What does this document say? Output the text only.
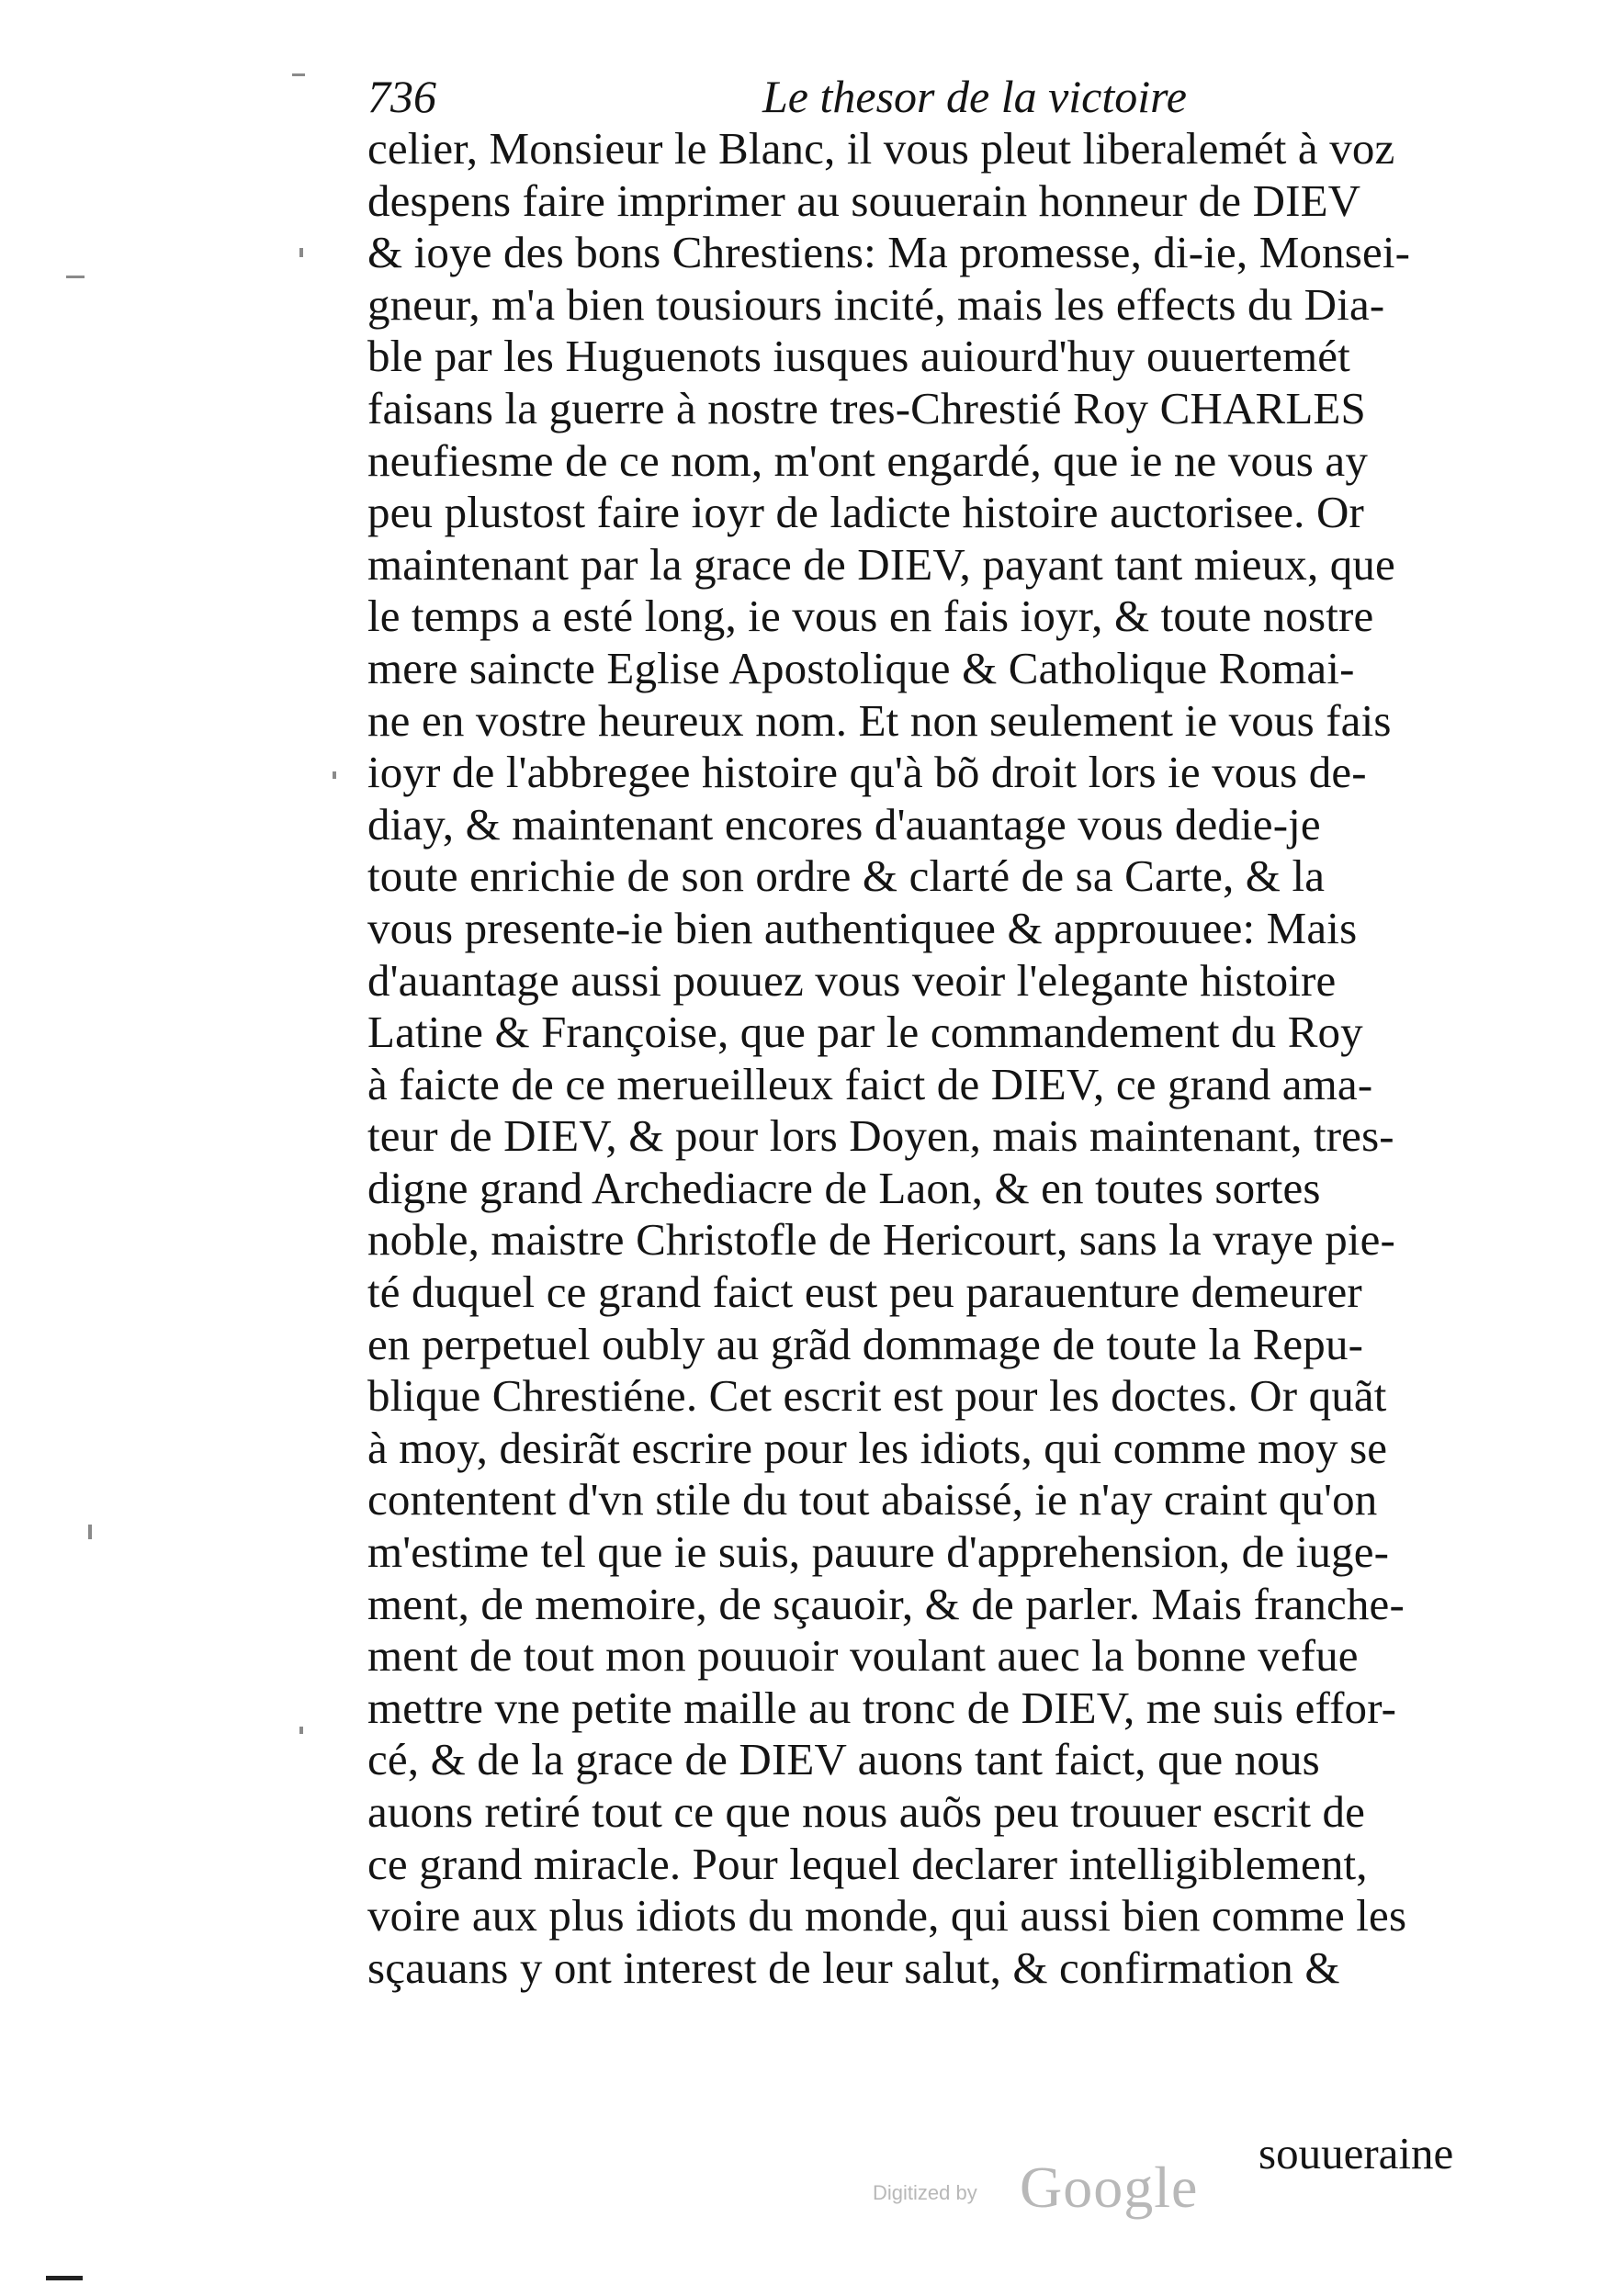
736	Le thesor de la victoire
celier, Monsieur le Blanc, il vous pleut liberalemét à voz
despens faire imprimer au souuerain honneur de DIEV
& ioye des bons Chrestiens: Ma promesse, di-ie, Monsei-
gneur, m'a bien tousiours incité, mais les effects du Dia-
ble par les Huguenots iusques auiourd'huy ouuertemét
faisans la guerre à nostre tres-Chrestié Roy CHARLES
neufiesme de ce nom, m'ont engardé, que ie ne vous ay
peu plustost faire ioyr de ladicte histoire auctorisee. Or
maintenant par la grace de DIEV, payant tant mieux, que
le temps a esté long, ie vous en fais ioyr, & toute nostre
mere saincte Eglise Apostolique & Catholique Romai-
ne en vostre heureux nom. Et non seulement ie vous fais
ioyr de l'abbregee histoire qu'à bõ droit lors ie vous de-
diay, & maintenant encores d'auantage vous dedie-je
toute enrichie de son ordre & clarté de sa Carte, & la
vous presente-ie bien authentiquee & approuuee: Mais
d'auantage aussi pouuez vous veoir l'elegante histoire
Latine & Françoise, que par le commandement du Roy
à faicte de ce merueilleux faict de DIEV, ce grand ama-
teur de DIEV, & pour lors Doyen, mais maintenant, tres-
digne grand Archediacre de Laon, & en toutes sortes
noble, maistre Christofle de Hericourt, sans la vraye pie-
té duquel ce grand faict eust peu parauenture demeurer
en perpetuel oubly au grãd dommage de toute la Repu-
blique Chrestiéne. Cet escrit est pour les doctes. Or quãt
à moy, desirãt escrire pour les idiots, qui comme moy se
contentent d'vn stile du tout abaissé, ie n'ay craint qu'on
m'estime tel que ie suis, pauure d'apprehension, de iuge-
ment, de memoire, de sçauoir, & de parler. Mais franche-
ment de tout mon pouuoir voulant auec la bonne vefue
mettre vne petite maille au tronc de DIEV, me suis effor-
cé, & de la grace de DIEV auons tant faict, que nous
auons retiré tout ce que nous auõs peu trouuer escrit de
ce grand miracle. Pour lequel declarer intelligiblement,
voire aux plus idiots du monde, qui aussi bien comme les
sçauans y ont interest de leur salut, & confirmation &
souueraine
Digitized by Google
